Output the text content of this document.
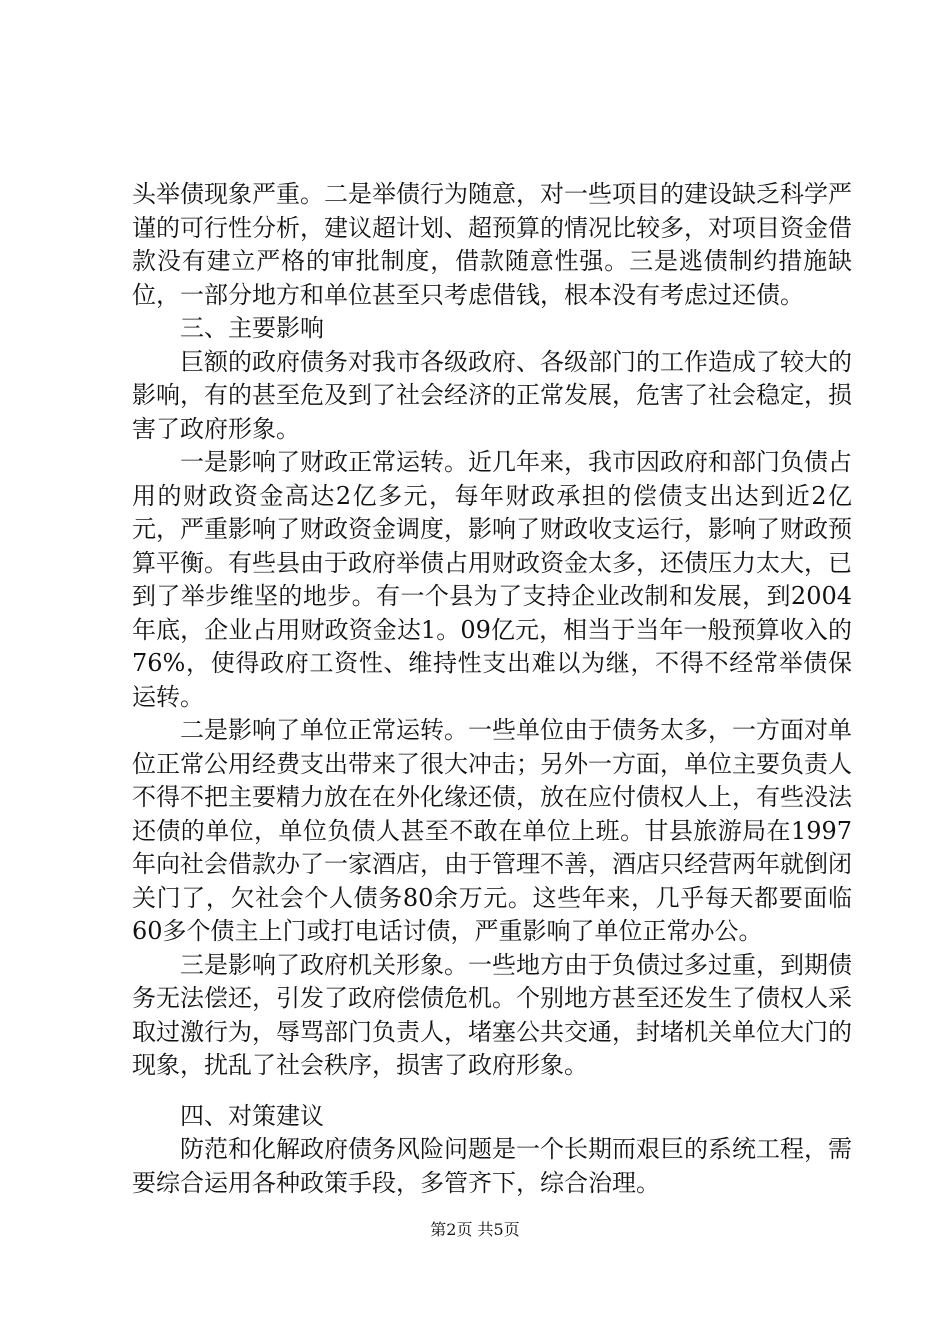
头举债现象严重。二是举债行为随意，对一些项目的建设缺乏科学严谨的可行性分析，建议超计划、超预算的情况比较多，对项目资金借款没有建立严格的审批制度，借款随意性强。三是逃债制约措施缺位，一部分地方和单位甚至只考虑借钱，根本没有考虑过还债。

三、主要影响

巨额的政府债务对我市各级政府、各级部门的工作造成了较大的影响，有的甚至危及到了社会经济的正常发展，危害了社会稳定，损害了政府形象。

一是影响了财政正常运转。近几年来，我市因政府和部门负债占用的财政资金高达2亿多元，每年财政承担的偿债支出达到近2亿元，严重影响了财政资金调度，影响了财政收支运行，影响了财政预算平衡。有些县由于政府举债占用财政资金太多，还债压力太大，已到了举步维坚的地步。有一个县为了支持企业改制和发展，到2004年底，企业占用财政资金达1。09亿元，相当于当年一般预算收入的76%，使得政府工资性、维持性支出难以为继，不得不经常举债保运转。

二是影响了单位正常运转。一些单位由于债务太多，一方面对单位正常公用经费支出带来了很大冲击；另外一方面，单位主要负责人不得不把主要精力放在在外化缘还债，放在应付债权人上，有些没法还债的单位，单位负债人甚至不敢在单位上班。甘县旅游局在1997年向社会借款办了一家酒店，由于管理不善，酒店只经营两年就倒闭关门了，欠社会个人债务80余万元。这些年来，几乎每天都要面临60多个债主上门或打电话讨债，严重影响了单位正常办公。

三是影响了政府机关形象。一些地方由于负债过多过重，到期债务无法偿还，引发了政府偿债危机。个别地方甚至还发生了债权人采取过激行为，辱骂部门负责人，堵塞公共交通，封堵机关单位大门的现象，扰乱了社会秩序，损害了政府形象。

四、对策建议

防范和化解政府债务风险问题是一个长期而艰巨的系统工程，需要综合运用各种政策手段，多管齐下，综合治理。

第2页 共5页
